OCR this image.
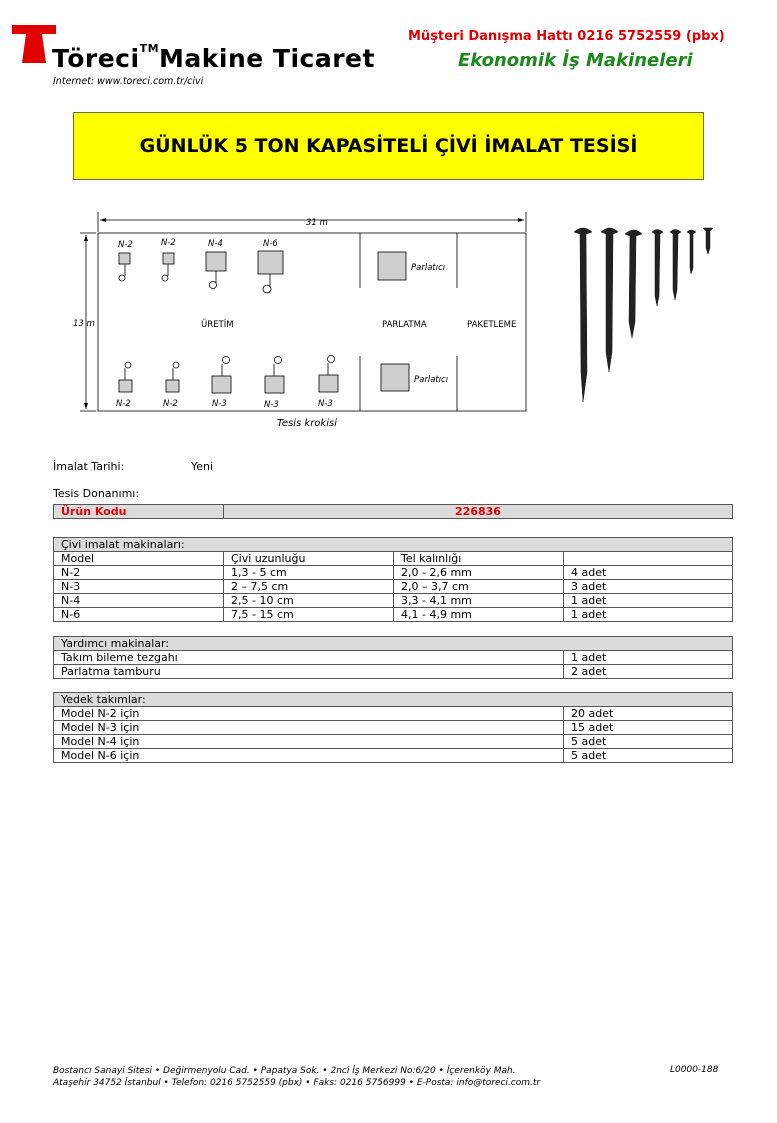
Töreci™Makine Ticaret
Internet: www.toreci.com.tr/civi
Müşteri Danışma Hattı 0216 5752559 (pbx)
Ekonomik İş Makineleri
GÜNLÜK 5 TON KAPASİTELİ ÇİVİ İMALAT TESİSİ
31 m
13 m
N-2	N-2	N-4	N-6
N-2	N-2	N-3	N-3	N-3
Parlatıcı
Parlatıcı
ÜRETİM	PARLATMA	PAKETLEME
Tesis krokisi
İmalat Tarihi:	Yeni
Tesis Donanımı:
Ürün Kodu	226836
Çivi imalat makinaları:			
Model	Çivi uzunluğu	Tel kalınlığı	
N-2	1,3 - 5 cm	2,0 - 2,6 mm	4 adet
N-3	2 – 7,5 cm	2,0 – 3,7 cm	3 adet
N-4	2,5 - 10 cm	3,3 - 4,1 mm	1 adet
N-6	7,5 - 15 cm	4,1 - 4,9 mm	1 adet
Yardımcı makinalar:	
Takım bileme tezgahı	1 adet
Parlatma tamburu	2 adet
Yedek takımlar:	
Model N-2 için	20 adet
Model N-3 için	15 adet
Model N-4 için	5 adet
Model N-6 için	5 adet
Bostancı Sanayi Sitesi • Değirmenyolu Cad. • Papatya Sok. • 2nci İş Merkezi No:6/20 • İçerenköy Mah.
Ataşehir 34752 İstanbul • Telefon: 0216 5752559 (pbx) • Faks: 0216 5756999 • E-Posta: info@toreci.com.tr
L0000-188
